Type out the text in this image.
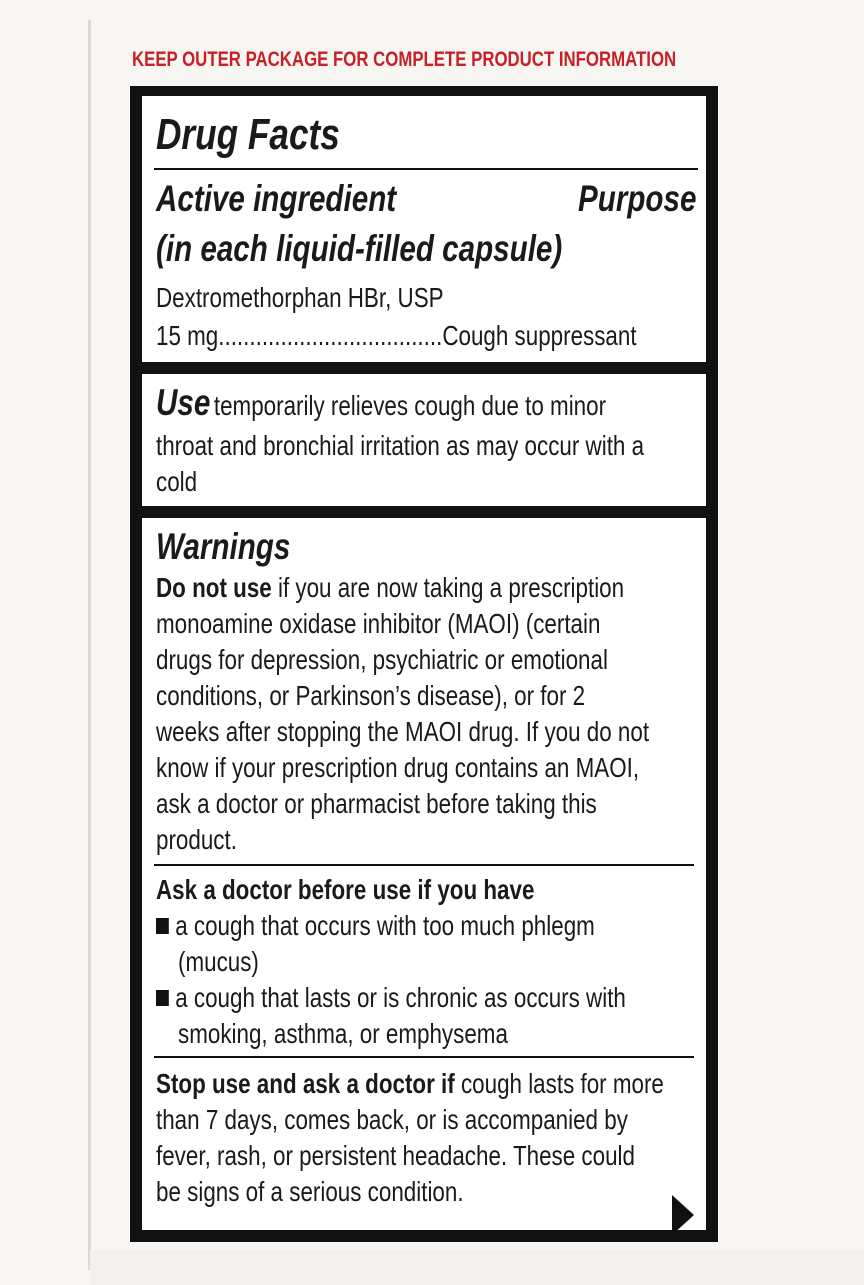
KEEP OUTER PACKAGE FOR COMPLETE PRODUCT INFORMATION
Drug Facts
Active ingredient	Purpose
(in each liquid-filled capsule)
Dextromethorphan HBr, USP
15 mg....................................Cough suppressant
Use temporarily relieves cough due to minor
throat and bronchial irritation as may occur with a
cold
Warnings
Do not use if you are now taking a prescription
monoamine oxidase inhibitor (MAOI) (certain
drugs for depression, psychiatric or emotional
conditions, or Parkinson’s disease), or for 2
weeks after stopping the MAOI drug. If you do not
know if your prescription drug contains an MAOI,
ask a doctor or pharmacist before taking this
product.
Ask a doctor before use if you have
a cough that occurs with too much phlegm
(mucus)
a cough that lasts or is chronic as occurs with
smoking, asthma, or emphysema
Stop use and ask a doctor if cough lasts for more
than 7 days, comes back, or is accompanied by
fever, rash, or persistent headache. These could
be signs of a serious condition.
